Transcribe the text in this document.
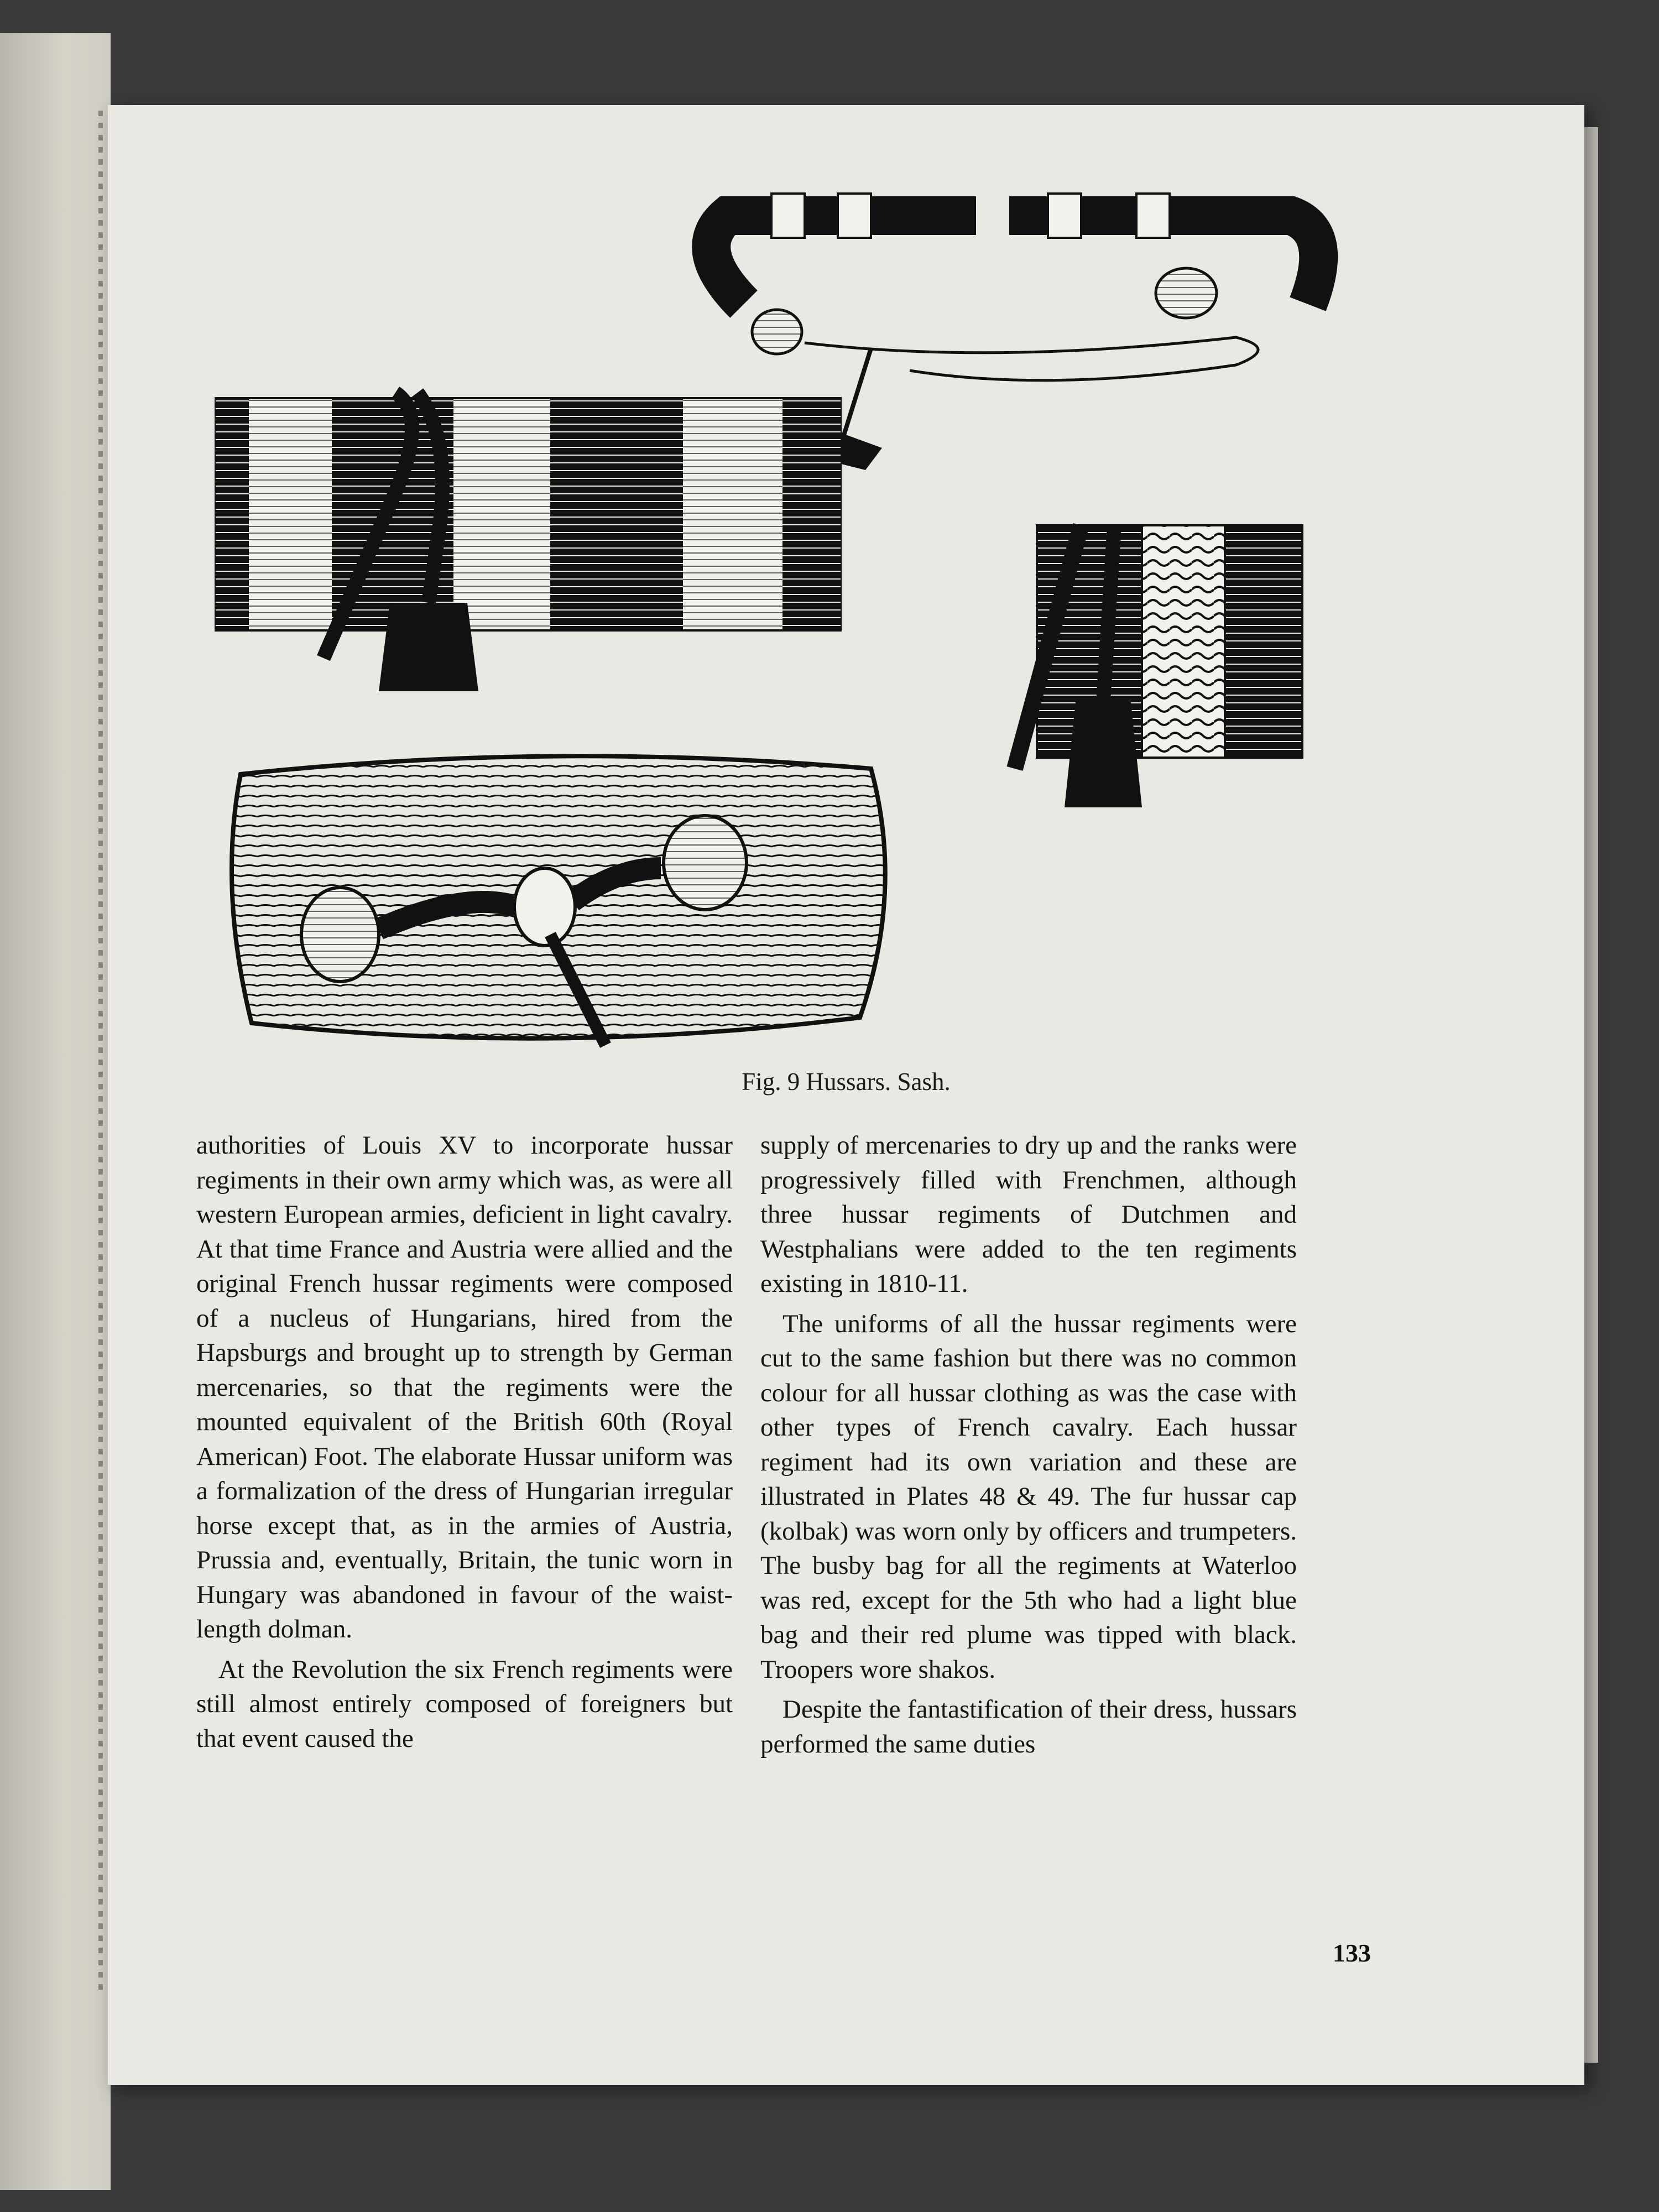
Fig. 9 Hussars. Sash.

authorities of Louis XV to incorporate hussar regiments in their own army which was, as were all western European armies, deficient in light cavalry. At that time France and Austria were allied and the original French hussar regiments were composed of a nucleus of Hungarians, hired from the Hapsburgs and brought up to strength by German mercenaries, so that the regiments were the mounted equivalent of the British 60th (Royal American) Foot. The elaborate Hussar uniform was a formalization of the dress of Hungarian irregular horse except that, as in the armies of Austria, Prussia and, eventually, Britain, the tunic worn in Hungary was abandoned in favour of the waist-length dolman.

At the Revolution the six French regiments were still almost entirely composed of foreigners but that event caused the

supply of mercenaries to dry up and the ranks were progressively filled with Frenchmen, although three hussar regiments of Dutchmen and Westphalians were added to the ten regiments existing in 1810-11.

The uniforms of all the hussar regiments were cut to the same fashion but there was no common colour for all hussar clothing as was the case with other types of French cavalry. Each hussar regiment had its own variation and these are illustrated in Plates 48 & 49. The fur hussar cap (kolbak) was worn only by officers and trumpeters. The busby bag for all the regiments at Waterloo was red, except for the 5th who had a light blue bag and their red plume was tipped with black. Troopers wore shakos.

Despite the fantastification of their dress, hussars performed the same duties

133
